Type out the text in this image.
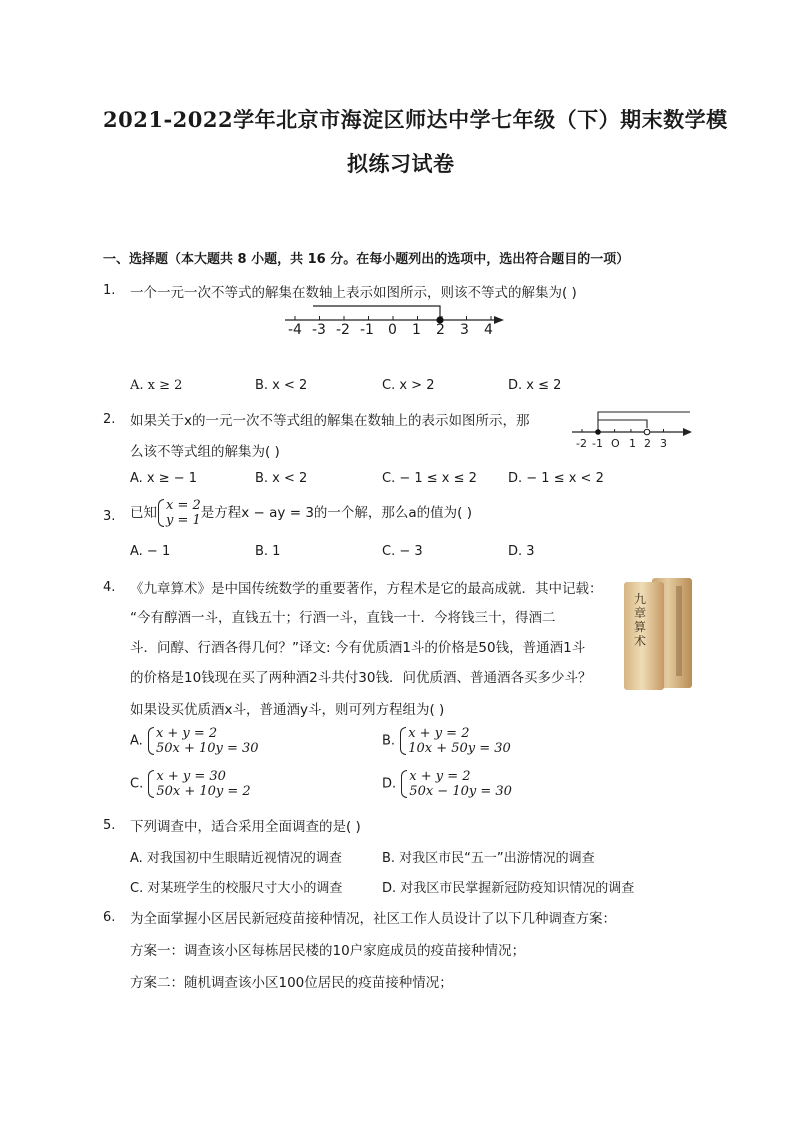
2021-2022学年北京市海淀区师达中学七年级（下）期末数学模
拟练习试卷
一、选择题（本大题共 8 小题，共 16 分。在每小题列出的选项中，选出符合题目的一项）
1. 一个一元一次不等式的解集在数轴上表示如图所示，则该不等式的解集为( )
-4 -3 -2 -1 0 1 2 3 4
A. x ≥ 2	B. x < 2	C. x > 2	D. x ≤ 2
2. 如果关于x的一元一次不等式组的解集在数轴上的表示如图所示，那
么该不等式组的解集为( )
-2 -1 O 1 2 3
A. x ≥ − 1	B. x < 2	C. − 1 ≤ x ≤ 2 D. − 1 ≤ x < 2
3. 已知 x = 2
y = 1是方程x − ay = 3的一个解，那么a的值为( )
A. − 1	B. 1	C. − 3	D. 3
4. 《九章算术》是中国传统数学的重要著作，方程术是它的最高成就．其中记载：
“今有醇酒一斗，直钱五十；行酒一斗，直钱一十．今将钱三十，得酒二
斗．问醇、行酒各得几何？”译文: 今有优质酒1斗的价格是50钱，普通酒1斗
的价格是10钱现在买了两种酒2斗共付30钱．问优质酒、普通酒各买多少斗？
如果设买优质酒x斗，普通酒y斗，则可列方程组为( )
九章算术
A. x + y = 2
50x + 10y = 30	B. x + y = 2
10x + 50y = 30
C. x + y = 30
50x + 10y = 2	D. x + y = 2
50x − 10y = 30
5. 下列调查中，适合采用全面调查的是( )
A. 对我国初中生眼睛近视情况的调查	B. 对我区市民“五一”出游情况的调查
C. 对某班学生的校服尺寸大小的调查	D. 对我区市民掌握新冠防疫知识情况的调查
6. 为全面掌握小区居民新冠疫苗接种情况，社区工作人员设计了以下几种调查方案：
方案一：调查该小区每栋居民楼的10户家庭成员的疫苗接种情况；
方案二：随机调查该小区100位居民的疫苗接种情况；
